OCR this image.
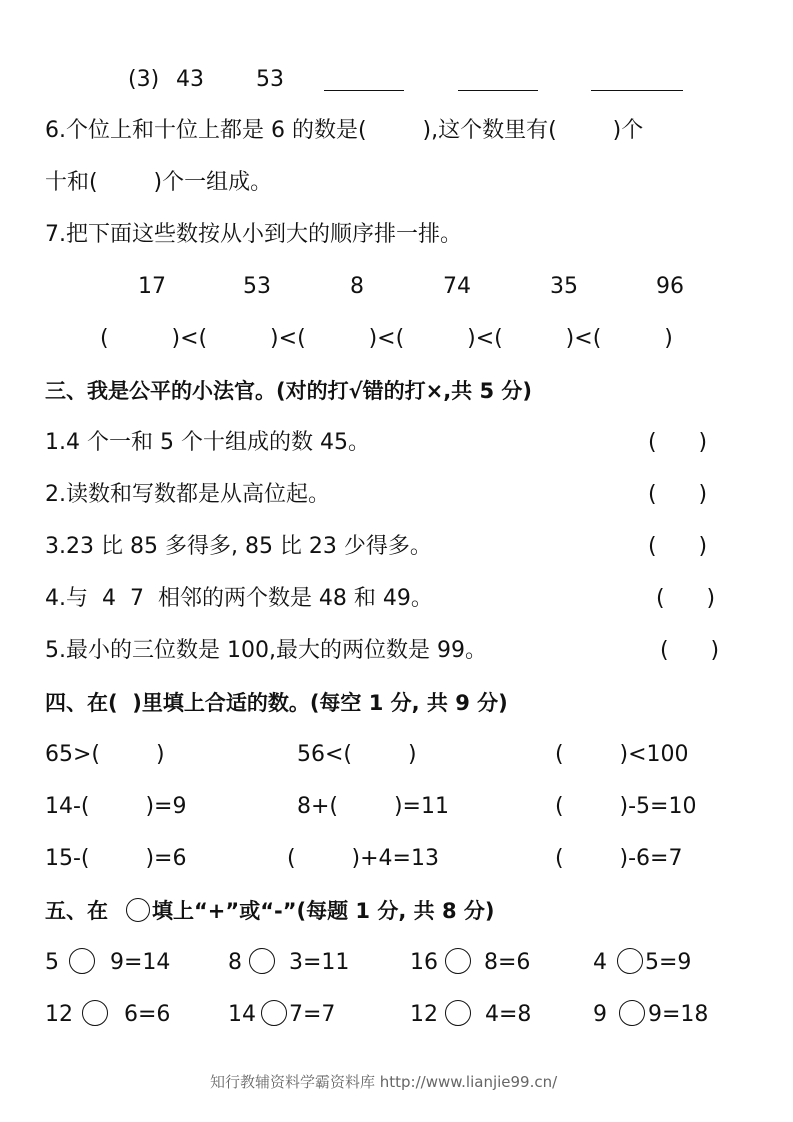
(3) 43 53
6.个位上和十位上都是 6 的数是(        ),这个数里有(        )个
十和(        )个一组成。
7.把下面这些数按从小到大的顺序排一排。
17	53	8	74	35	96
(         )<(         )<(         )<(         )<(         )<(         )
三、我是公平的小法官。(对的打√错的打×,共 5 分)
1.4 个一和 5 个十组成的数 45。	(      )
2.读数和写数都是从高位起。	(      )
3.23 比 85 多得多, 85 比 23 少得多。	(      )
4.与  4  7  相邻的两个数是 48 和 49。	(      )
5.最小的三位数是 100,最大的两位数是 99。	(      )
四、在(  )里填上合适的数。(每空 1 分, 共 9 分)
65>(        )	56<(        )	(        )<100
14-(        )=9	8+(        )=11	(        )-5=10
15-(        )=6	(        )+4=13	(        )-6=7
五、在 填上“+”或“-”(每题 1 分, 共 8 分)
5 9=14	8 3=11	16 8=6	4 5=9
12 6=6	14 7=7	12 4=8	9 9=18
知行教辅资料学霸资料库 http://www.lianjie99.cn/
